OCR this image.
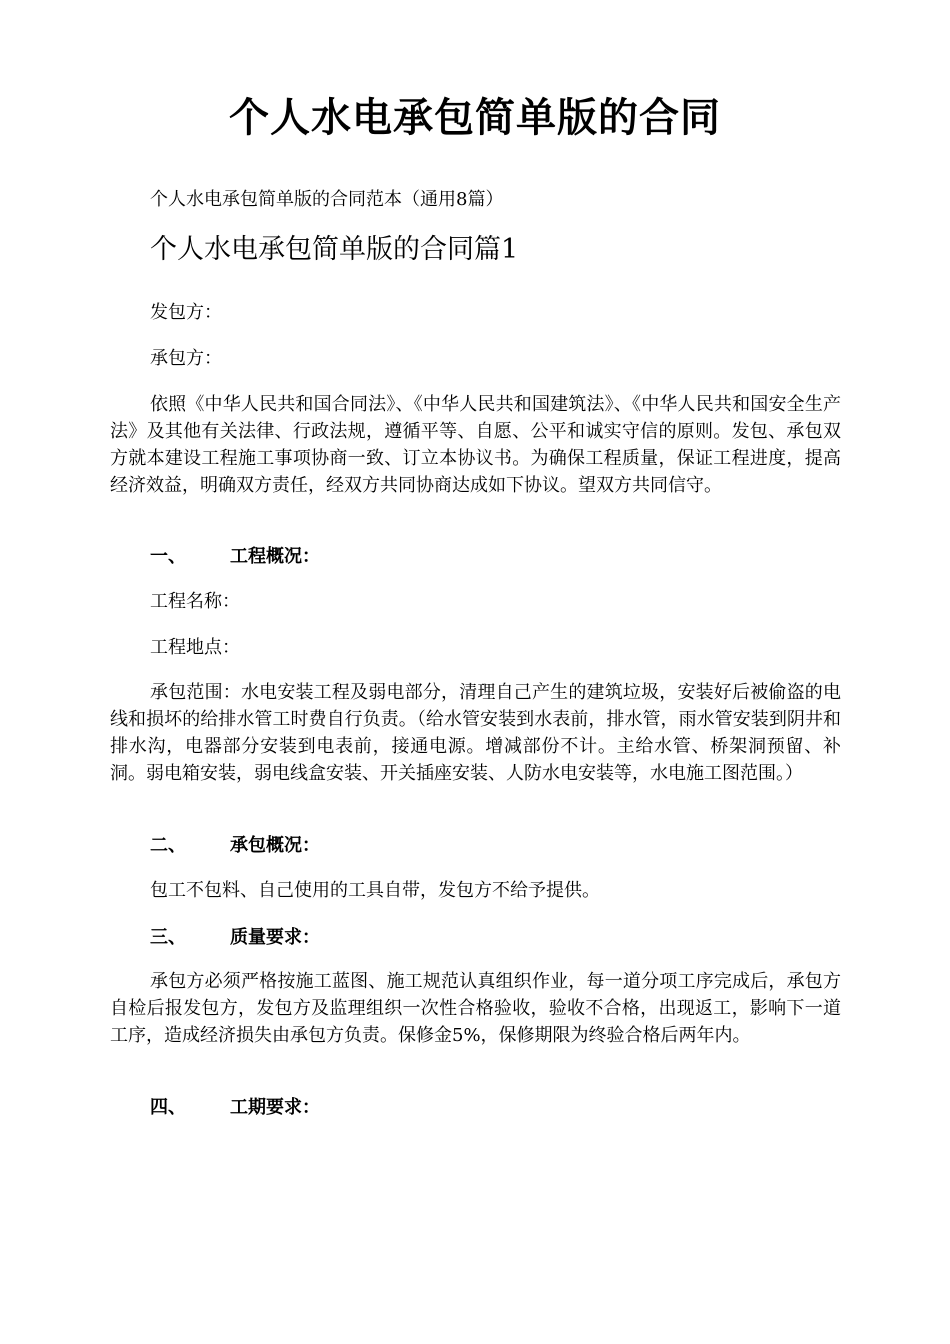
个人水电承包简单版的合同

个人水电承包简单版的合同范本（通用8篇）

个人水电承包简单版的合同篇1

发包方：

承包方：

依照《中华人民共和国合同法》、《中华人民共和国建筑法》、《中华人民共和国安全生产法》及其他有关法律、行政法规，遵循平等、自愿、公平和诚实守信的原则。发包、承包双方就本建设工程施工事项协商一致、订立本协议书。为确保工程质量，保证工程进度，提高经济效益，明确双方责任，经双方共同协商达成如下协议。望双方共同信守。

一、 工程概况：

工程名称：

工程地点：

承包范围：水电安装工程及弱电部分，清理自己产生的建筑垃圾，安装好后被偷盗的电线和损坏的给排水管工时费自行负责。（给水管安装到水表前，排水管，雨水管安装到阴井和排水沟，电器部分安装到电表前，接通电源。增减部份不计。主给水管、桥架洞预留、补洞。弱电箱安装，弱电线盒安装、开关插座安装、人防水电安装等，水电施工图范围。）

二、 承包概况：

包工不包料、自己使用的工具自带，发包方不给予提供。

三、 质量要求：

承包方必须严格按施工蓝图、施工规范认真组织作业，每一道分项工序完成后，承包方自检后报发包方，发包方及监理组织一次性合格验收，验收不合格，出现返工，影响下一道工序，造成经济损失由承包方负责。保修金5%，保修期限为终验合格后两年内。

四、 工期要求：
